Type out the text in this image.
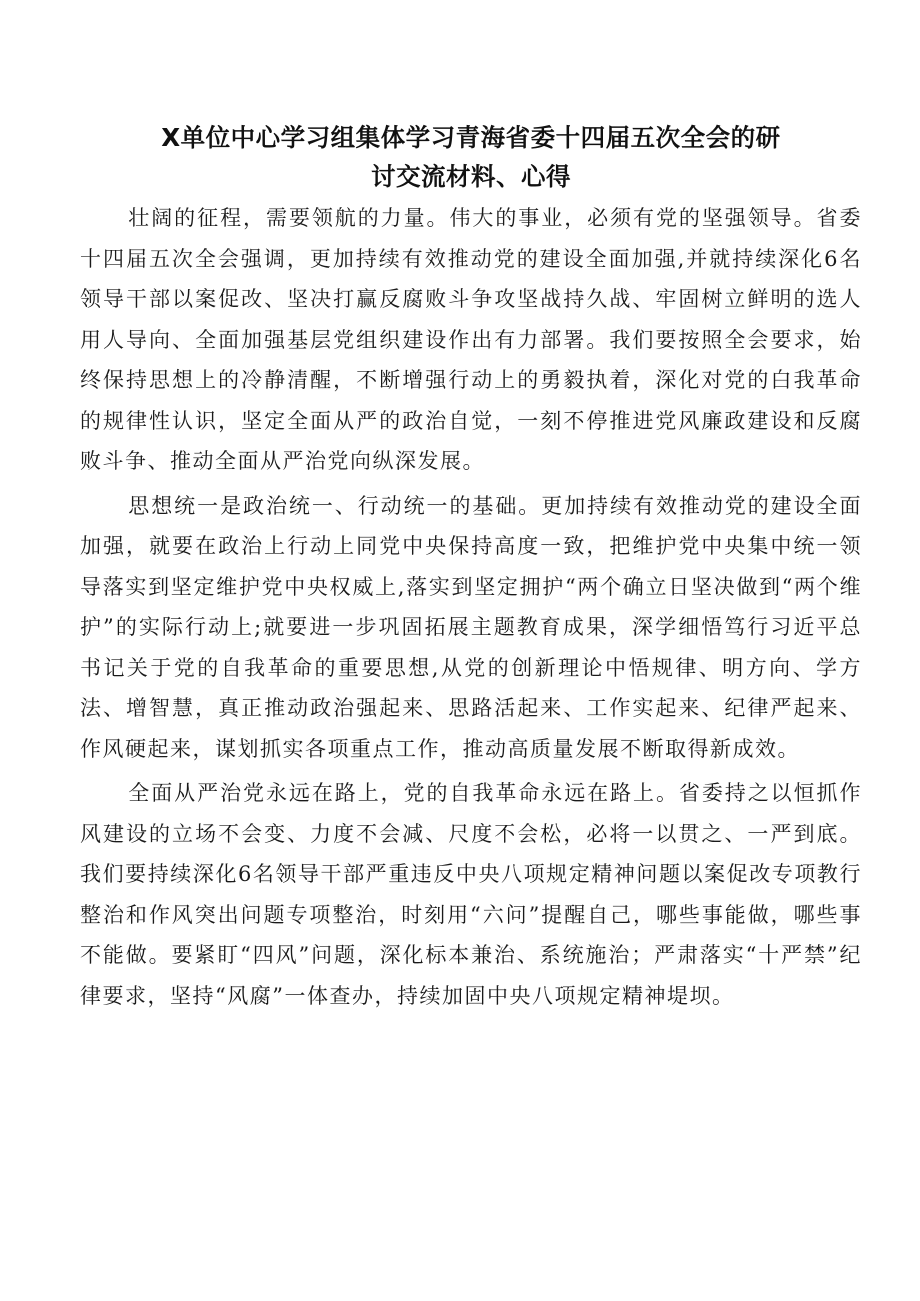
X单位中心学习组集体学习青海省委十四届五次全会的研
讨交流材料、心得

壮阔的征程，需要领航的力量。伟大的事业，必须有党的坚强领导。省委十四届五次全会强调，更加持续有效推动党的建设全面加强,并就持续深化6名领导干部以案促改、坚决打赢反腐败斗争攻坚战持久战、牢固树立鲜明的选人用人导向、全面加强基层党组织建设作出有力部署。我们要按照全会要求，始终保持思想上的冷静清醒，不断增强行动上的勇毅执着，深化对党的白我革命的规律性认识，坚定全面从严的政治自觉，一刻不停推进党风廉政建设和反腐败斗争、推动全面从严治党向纵深发展。

思想统一是政治统一、行动统一的基础。更加持续有效推动党的建设全面加强，就要在政治上行动上同党中央保持高度一致，把维护党中央集中统一领导落实到坚定维护党中央权威上,落实到坚定拥护“两个确立日坚决做到“两个维护”的实际行动上;就要进一步巩固拓展主题教育成果，深学细悟笃行习近平总书记关于党的自我革命的重要思想,从党的创新理论中悟规律、明方向、学方法、增智慧，真正推动政治强起来、思路活起来、工作实起来、纪律严起来、作风硬起来，谋划抓实各项重点工作，推动高质量发展不断取得新成效。

全面从严治党永远在路上，党的自我革命永远在路上。省委持之以恒抓作风建设的立场不会变、力度不会减、尺度不会松，必将一以贯之、一严到底。我们要持续深化6名领导干部严重违反中央八项规定精神问题以案促改专项教行整治和作风突出问题专项整治，时刻用“六问”提醒自己，哪些事能做，哪些事不能做。要紧盯“四风”问题，深化标本兼治、系统施治；严肃落实“十严禁”纪律要求，坚持“风腐”一体查办，持续加固中央八项规定精神堤坝。
